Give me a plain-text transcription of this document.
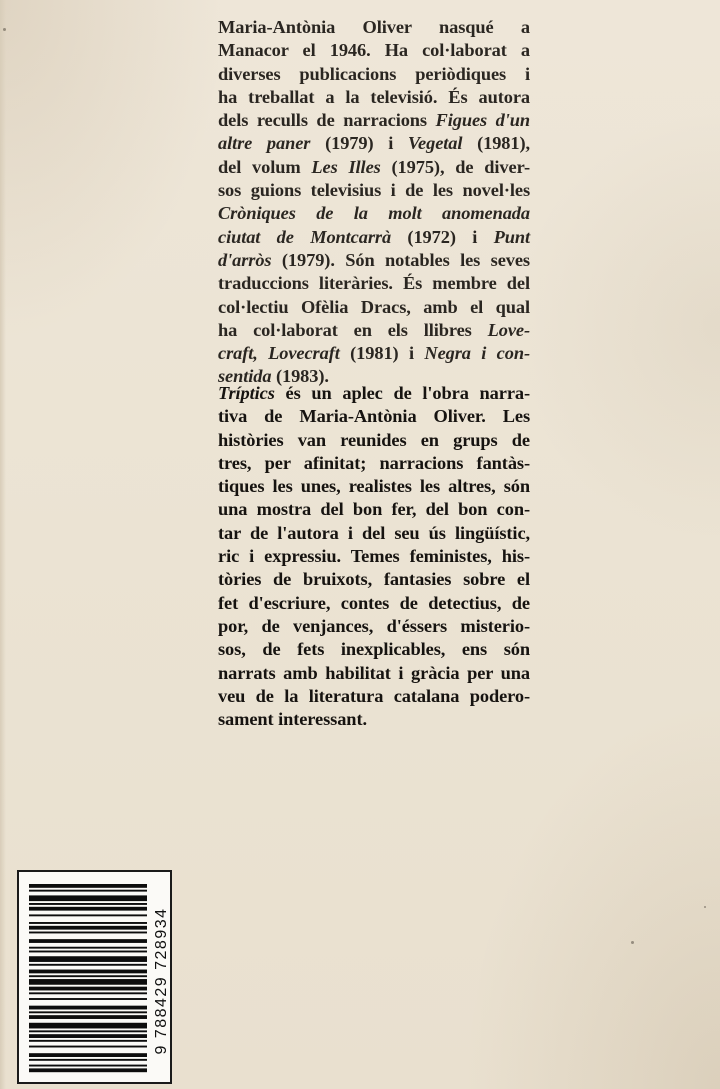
Maria-Antònia Oliver nasqué a
Manacor el 1946. Ha col·laborat a
diverses publicacions periòdiques i
ha treballat a la televisió. És autora
dels reculls de narracions Figues d'un
altre paner (1979) i Vegetal (1981),
del volum Les Illes (1975), de diver-
sos guions televisius i de les novel·les
Cròniques de la molt anomenada
ciutat de Montcarrà (1972) i Punt
d'arròs (1979). Són notables les seves
traduccions literàries. És membre del
col·lectiu Ofèlia Dracs, amb el qual
ha col·laborat en els llibres Love-
craft, Lovecraft (1981) i Negra i con-
sentida (1983).
Tríptics és un aplec de l'obra narra-
tiva de Maria-Antònia Oliver. Les
històries van reunides en grups de
tres, per afinitat; narracions fantàs-
tiques les unes, realistes les altres, són
una mostra del bon fer, del bon con-
tar de l'autora i del seu ús lingüístic,
ric i expressiu. Temes feministes, his-
tòries de bruixots, fantasies sobre el
fet d'escriure, contes de detectius, de
por, de venjances, d'éssers misterio-
sos, de fets inexplicables, ens són
narrats amb habilitat i gràcia per una
veu de la literatura catalana podero-
sament interessant.
9 788429 728934
